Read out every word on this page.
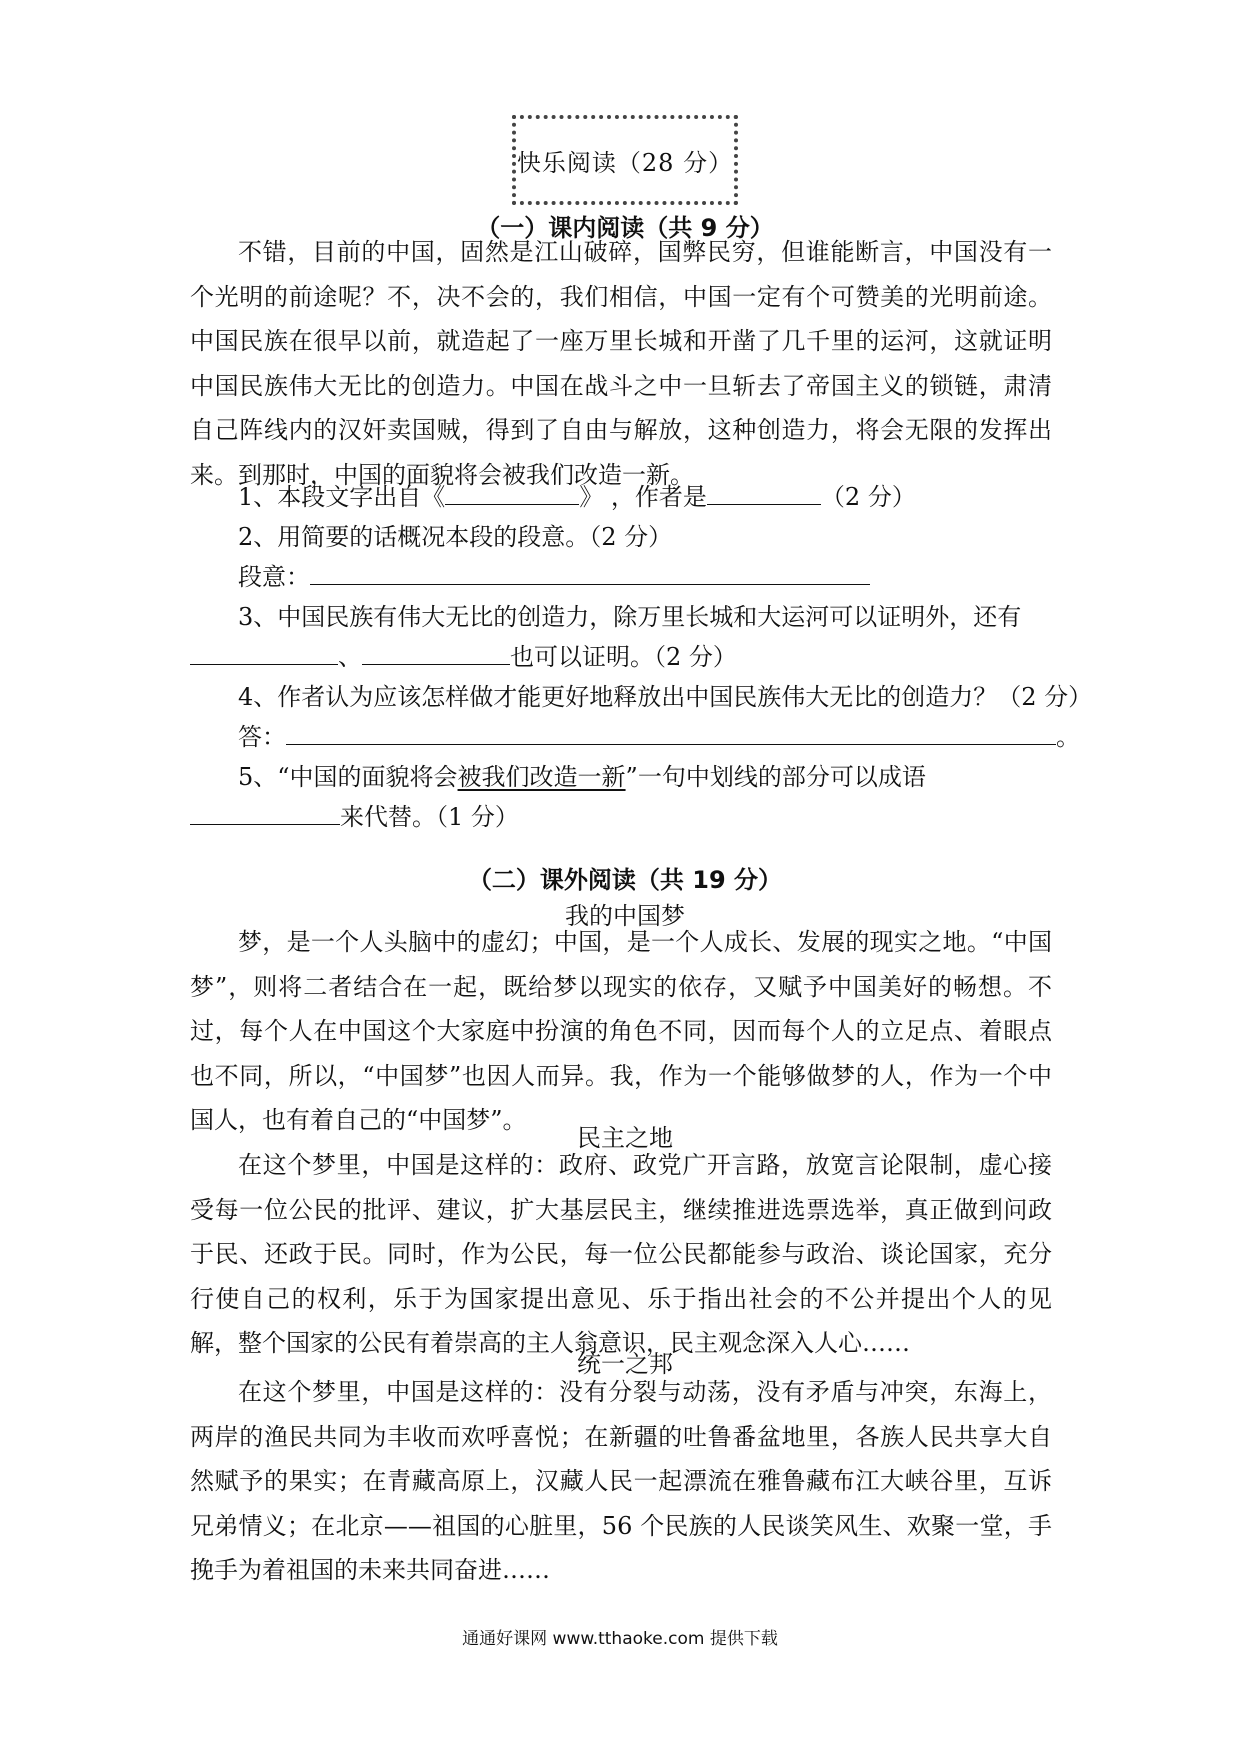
快乐阅读（28 分）
（一）课内阅读（共 9 分）

不错，目前的中国，固然是江山破碎，国弊民穷，但谁能断言，中国没有一个光明的前途呢？不，决不会的，我们相信，中国一定有个可赞美的光明前途。中国民族在很早以前，就造起了一座万里长城和开凿了几千里的运河，这就证明中国民族伟大无比的创造力。中国在战斗之中一旦斩去了帝国主义的锁链，肃清自己阵线内的汉奸卖国贼，得到了自由与解放，这种创造力，将会无限的发挥出来。到那时，中国的面貌将会被我们改造一新。

1、本段文字出自《	》 ，作者是	（2 分）
2、用简要的话概况本段的段意。（2 分）
段意：
3、中国民族有伟大无比的创造力，除万里长城和大运河可以证明外，还有
、	也可以证明。（2 分）
4、作者认为应该怎样做才能更好地释放出中国民族伟大无比的创造力？（2 分）
答：	。
5、“中国的面貌将会被我们改造一新”一句中划线的部分可以成语
来代替。（1 分）
（二）课外阅读（共 19 分）
我的中国梦

梦，是一个人头脑中的虚幻；中国，是一个人成长、发展的现实之地。“中国梦”，则将二者结合在一起，既给梦以现实的依存，又赋予中国美好的畅想。不过，每个人在中国这个大家庭中扮演的角色不同，因而每个人的立足点、着眼点也不同，所以，“中国梦”也因人而异。我，作为一个能够做梦的人，作为一个中国人，也有着自己的“中国梦”。

民主之地

在这个梦里，中国是这样的：政府、政党广开言路，放宽言论限制，虚心接受每一位公民的批评、建议，扩大基层民主，继续推进选票选举，真正做到问政于民、还政于民。同时，作为公民，每一位公民都能参与政治、谈论国家，充分行使自己的权利，乐于为国家提出意见、乐于指出社会的不公并提出个人的见解，整个国家的公民有着崇高的主人翁意识，民主观念深入人心……

统一之邦

在这个梦里，中国是这样的：没有分裂与动荡，没有矛盾与冲突，东海上，两岸的渔民共同为丰收而欢呼喜悦；在新疆的吐鲁番盆地里，各族人民共享大自然赋予的果实；在青藏高原上，汉藏人民一起漂流在雅鲁藏布江大峡谷里，互诉兄弟情义；在北京——祖国的心脏里，56 个民族的人民谈笑风生、欢聚一堂，手挽手为着祖国的未来共同奋进……

通通好课网 www.tthaoke.com 提供下载
